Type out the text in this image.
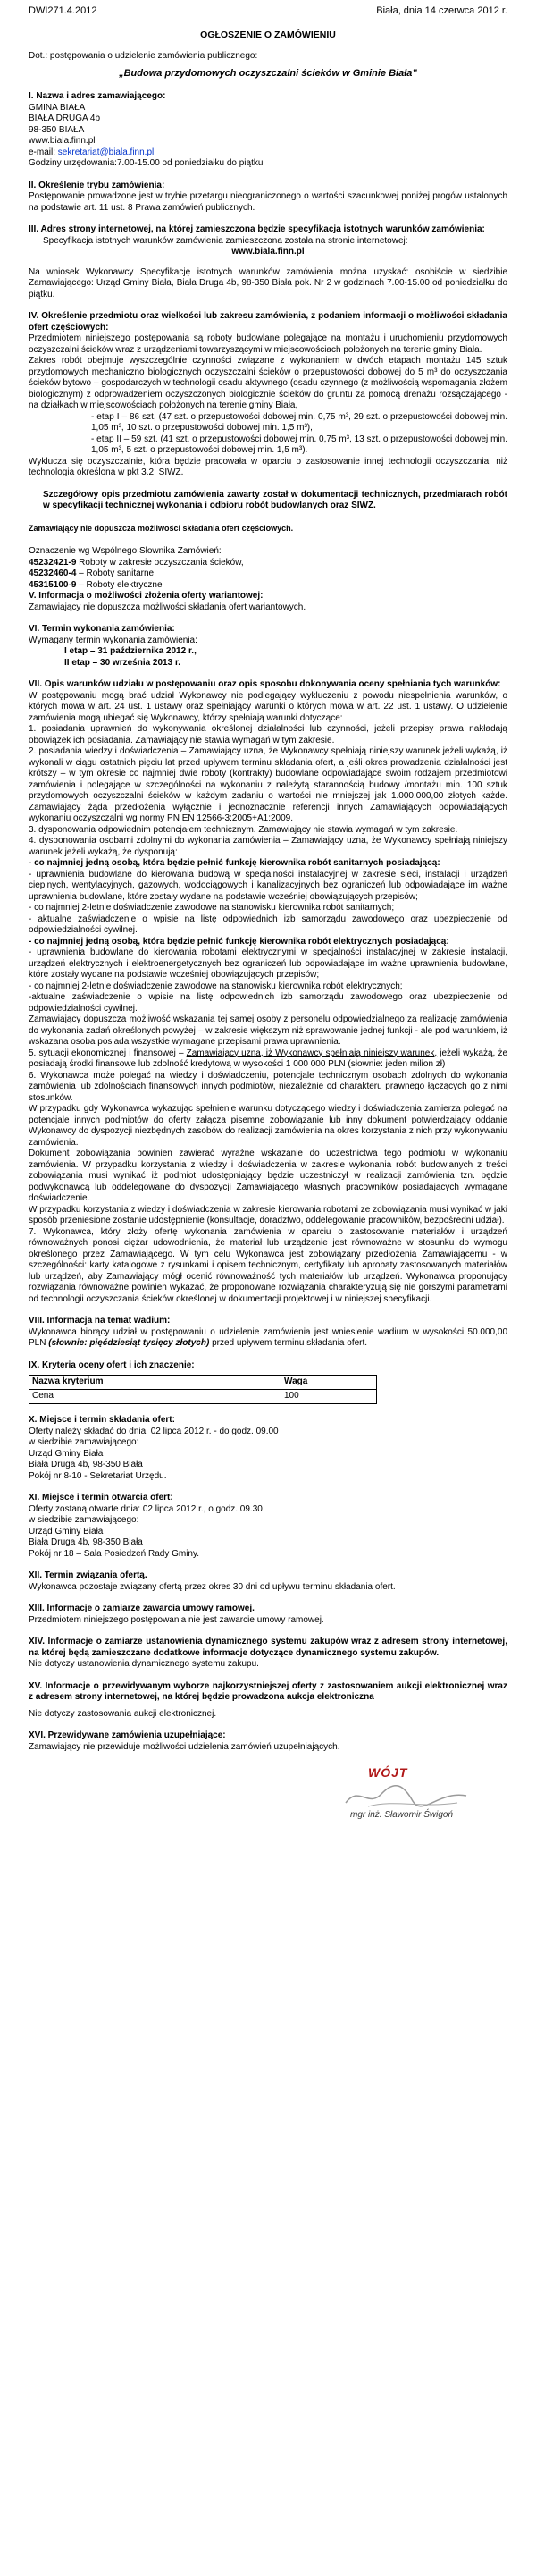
DWI271.4.2012	Biała, dnia 14 czerwca 2012 r.
OGŁOSZENIE O ZAMÓWIENIU
Dot.: postępowania o udzielenie zamówienia publicznego:
„Budowa przydomowych oczyszczalni ścieków w Gminie Biała”
I. Nazwa i adres zamawiającego:
GMINA BIAŁA
BIAŁA DRUGA 4b
98-350 BIAŁA
www.biala.finn.pl
e-mail: sekretariat@biala.finn.pl
Godziny urzędowania:7.00-15.00 od poniedziałku do piątku
II. Określenie trybu zamówienia:
Postępowanie prowadzone jest w trybie przetargu nieograniczonego o wartości szacunkowej poniżej progów ustalonych na podstawie art. 11 ust. 8 Prawa zamówień publicznych.
III. Adres strony internetowej, na której zamieszczona będzie specyfikacja istotnych warunków zamówienia:
Specyfikacja istotnych warunków zamówienia zamieszczona została na stronie internetowej:
www.biala.finn.pl
Na wniosek Wykonawcy Specyfikację istotnych warunków zamówienia można uzyskać: osobiście w siedzibie Zamawiającego: Urząd Gminy Biała, Biała Druga 4b, 98-350 Biała pok. Nr 2 w godzinach 7.00-15.00 od poniedziałku do piątku.
IV. Określenie przedmiotu oraz wielkości lub zakresu zamówienia, z podaniem informacji o możliwości składania ofert częściowych:
Przedmiotem niniejszego postępowania są roboty budowlane polegające na montażu i uruchomieniu przydomowych oczyszczalni ścieków wraz z urządzeniami towarzyszącymi w miejscowościach położonych na terenie gminy Biała.
Zakres robót obejmuje wyszczególnie czynności związane z wykonaniem w dwóch etapach montażu 145 sztuk przydomowych mechaniczno biologicznych oczyszczalni ścieków o przepustowości dobowej do 5 m³ do oczyszczania ścieków bytowo – gospodarczych w technologii osadu aktywnego (osadu czynnego (z możliwością wspomagania złożem biologicznym) z odprowadzeniem oczyszczonych biologicznie ścieków do gruntu za pomocą drenażu rozsączającego - na działkach w miejscowościach położonych na terenie gminy Biała,
- etap I – 86 szt, (47 szt. o przepustowości dobowej min. 0,75 m³, 29 szt. o przepustowości dobowej min. 1,05 m³, 10 szt. o przepustowości dobowej min. 1,5 m³),
- etap II – 59 szt. (41 szt. o przepustowości dobowej min. 0,75 m³, 13 szt. o przepustowości dobowej min. 1,05 m³, 5 szt. o przepustowości dobowej min. 1,5 m³).
Wykluczа się oczyszczalnie, która będzie pracowała w oparciu o zastosowanie innej technologii oczyszczania, niż technologia określona w pkt 3.2. SIWZ.
Szczegółowy opis przedmiotu zamówienia zawarty został w dokumentacji technicznych, przedmiarach robót w specyfikacji technicznej wykonania i odbioru robót budowlanych oraz SIWZ.
Zamawiający nie dopuszcza możliwości składania ofert częściowych.
Oznaczenie wg Wspólnego Słownika Zamówień:
45232421-9 Roboty w zakresie oczyszczania ścieków,
45232460-4 – Roboty sanitarne,
45315100-9 – Roboty elektryczne
V. Informacja o możliwości złożenia oferty wariantowej:
Zamawiający nie dopuszcza możliwości składania ofert wariantowych.
VI. Termin wykonania zamówienia:
Wymagany termin wykonania zamówienia:
I etap – 31 października 2012 r.,
II etap – 30 września 2013 r.
VII. Opis warunków udziału w postępowaniu oraz opis sposobu dokonywania oceny spełniania tych warunków:
W postępowaniu mogą brać udział Wykonawcy nie podlegający wykluczeniu z powodu niespełnienia warunków, o których mowa w art. 24 ust. 1 ustawy oraz spełniający warunki o których mowa w art. 22 ust. 1 ustawy. O udzielenie zamówienia mogą ubiegać się Wykonawcy, którzy spełniają warunki dotyczące:
1. posiadania uprawnień do wykonywania określonej działalności lub czynności, jeżeli przepisy prawa nakładają obowiązek ich posiadania. Zamawiający nie stawia wymagań w tym zakresie.
2. posiadania wiedzy i doświadczenia – Zamawiający uzna, że Wykonawcy spełniają niniejszy warunek jeżeli wykażą, iż wykonali w ciągu ostatnich pięciu lat przed upływem terminu składania ofert, a jeśli okres prowadzenia działalności jest krótszy – w tym okresie co najmniej dwie roboty (kontrakty) budowlane odpowiadające swoim rodzajem przedmiotowi zamówienia i polegające w szczególności na wykonaniu z należytą starannością budowy /montażu min. 100 sztuk przydomowych oczyszczalni ścieków w każdym zadaniu o wartości nie mniejszej jak 1.000.000,00 złotych każde. Zamawiający żąda przedłożenia wyłącznie i jednoznacznie referencji innych Zamawiających odpowiadających wykonaniu oczyszczalni wg normy PN EN 12566-3:2005+A1:2009.
3. dysponowania odpowiednim potencjałem technicznym. Zamawiający nie stawia wymagań w tym zakresie.
4. dysponowania osobami zdolnymi do wykonania zamówienia – Zamawiający uzna, że Wykonawcy spełniają niniejszy warunek jeżeli wykażą, że dysponują:
- co najmniej jedną osobą, która będzie pełnić funkcję kierownika robót sanitarnych posiadającą:
- uprawnienia budowlane do kierowania budową w specjalności instalacyjnej w zakresie sieci, instalacji i urządzeń cieplnych, wentylacyjnych, gazowych, wodociągowych i kanalizacyjnych bez ograniczeń lub odpowiadające im ważne uprawnienia budowlane, które zostały wydane na podstawie wcześniej obowiązujących przepisów;
- co najmniej 2-letnie doświadczenie zawodowe na stanowisku kierownika robót sanitarnych;
- aktualne zaświadczenie o wpisie na listę odpowiednich izb samorządu zawodowego oraz ubezpieczenie od odpowiedzialności cywilnej.
- co najmniej jedną osobą, która będzie pełnić funkcję kierownika robót elektrycznych posiadającą:
- uprawnienia budowlane do kierowania robotami elektrycznymi w specjalności instalacyjnej w zakresie instalacji, urządzeń elektrycznych i elektroenergetycznych bez ograniczeń lub odpowiadające im ważne uprawnienia budowlane, które zostały wydane na podstawie wcześniej obowiązujących przepisów;
- co najmniej 2-letnie doświadczenie zawodowe na stanowisku kierownika robót elektrycznych;
-aktualne zaświadczenie o wpisie na listę odpowiednich izb samorządu zawodowego oraz ubezpieczenie od odpowiedzialności cywilnej.
Zamawiający dopuszcza możliwość wskazania tej samej osoby z personelu odpowiedzialnego za realizację zamówienia do wykonania zadań określonych powyżej – w zakresie większym niż sprawowanie jednej funkcji - ale pod warunkiem, iż wskazana osoba posiada wszystkie wymagane przepisami prawa uprawnienia.
5. sytuacji ekonomicznej i finansowej – Zamawiający uzna, iż Wykonawcy spełniają niniejszy warunek, jeżeli wykażą, że posiadają środki finansowe lub zdolność kredytową w wysokości 1 000 000 PLN (słownie: jeden milion zł)
6. Wykonawca może polegać na wiedzy i doświadczeniu, potencjale technicznym osobach zdolnych do wykonania zamówienia lub zdolnościach finansowych innych podmiotów, niezależnie od charakteru prawnego łączących go z nimi stosunków.
W przypadku gdy Wykonawca wykazując spełnienie warunku dotyczącego wiedzy i doświadczenia zamierza polegać na potencjale innych podmiotów do oferty załącza pisemne zobowiązanie lub inny dokument potwierdzający oddanie Wykonawcy do dyspozycji niezbędnych zasobów do realizacji zamówienia na okres korzystania z nich przy wykonywaniu zamówienia.
Dokument zobowiązania powinien zawierać wyraźne wskazanie do uczestnictwa tego podmiotu w wykonaniu zamówienia. W przypadku korzystania z wiedzy i doświadczenia w zakresie wykonania robót budowlanych z treści zobowiązania musi wynikać iż podmiot udostępniający będzie uczestniczył w realizacji zamówienia tzn. będzie podwykonawcą lub oddelegowane do dyspozycji Zamawiającego własnych pracowników posiadających wymagane doświadczenie.
W przypadku korzystania z wiedzy i doświadczenia w zakresie kierowania robotami ze zobowiązania musi wynikać w jaki sposób przeniesione zostanie udostępnienie (konsultacje, doradztwo, oddelegowanie pracowników, bezpośredni udział).
7. Wykonawca, który złoży ofertę wykonania zamówienia w oparciu o zastosowanie materiałów i urządzeń równoważnych ponosi ciężar udowodnienia, że materiał lub urządzenie jest równoważne w stosunku do wymogu określonego przez Zamawiającego. W tym celu Wykonawca jest zobowiązany przedłożenia Zamawiającemu - w szczególności: karty katalogowe z rysunkami i opisem technicznym, certyfikaty lub aprobaty zastosowanych materiałów lub urządzeń, aby Zamawiający mógł ocenić równoważność tych materiałów lub urządzeń. Wykonawca proponujący rozwiązania równoważne powinien wykazać, że proponowane rozwiązania charakteryzują się nie gorszymi parametrami od technologii oczyszczania ścieków określonej w dokumentacji projektowej i w niniejszej specyfikacji.
VIII. Informacja na temat wadium:
Wykonawca biorący udział w postępowaniu o udzielenie zamówienia jest wniesienie wadium w wysokości 50.000,00 PLN (słownie: pięćdziesiąt tysięcy złotych) przed upływem terminu składania ofert.
IX. Kryteria oceny ofert i ich znaczenie:
Nazwa kryterium	Waga
Cena	100
X. Miejsce i termin składania ofert:
Oferty należy składać do dnia: 02 lipca 2012 r. - do godz. 09.00
w siedzibie zamawiającego:
Urząd Gminy Biała
Biała Druga 4b, 98-350 Biała
Pokój nr 8-10 - Sekretariat Urzędu.
XI. Miejsce i termin otwarcia ofert:
Oferty zostaną otwarte dnia: 02 lipca 2012 r., o godz. 09.30
w siedzibie zamawiającego:
Urząd Gminy Biała
Biała Druga 4b, 98-350 Biała
Pokój nr 18 – Sala Posiedzeń Rady Gminy.
XII. Termin związania ofertą.
Wykonawca pozostaje związany ofertą przez okres 30 dni od upływu terminu składania ofert.
XIII. Informacje o zamiarze zawarcia umowy ramowej.
Przedmiotem niniejszego postępowania nie jest zawarcie umowy ramowej.
XIV. Informacje o zamiarze ustanowienia dynamicznego systemu zakupów wraz z adresem strony internetowej, na której będą zamieszczane dodatkowe informacje dotyczące dynamicznego systemu zakupów.
Nie dotyczy ustanowienia dynamicznego systemu zakupu.
XV. Informacje o przewidywanym wyborze najkorzystniejszej oferty z zastosowaniem aukcji elektronicznej wraz z adresem strony internetowej, na której będzie prowadzona aukcja elektroniczna
Nie dotyczy zastosowania aukcji elektronicznej.
XVI. Przewidywane zamówienia uzupełniające:
Zamawiający nie przewiduje możliwości udzielenia zamówień uzupełniających.
WÓJT
mgr inż. Sławomir Świgoń
